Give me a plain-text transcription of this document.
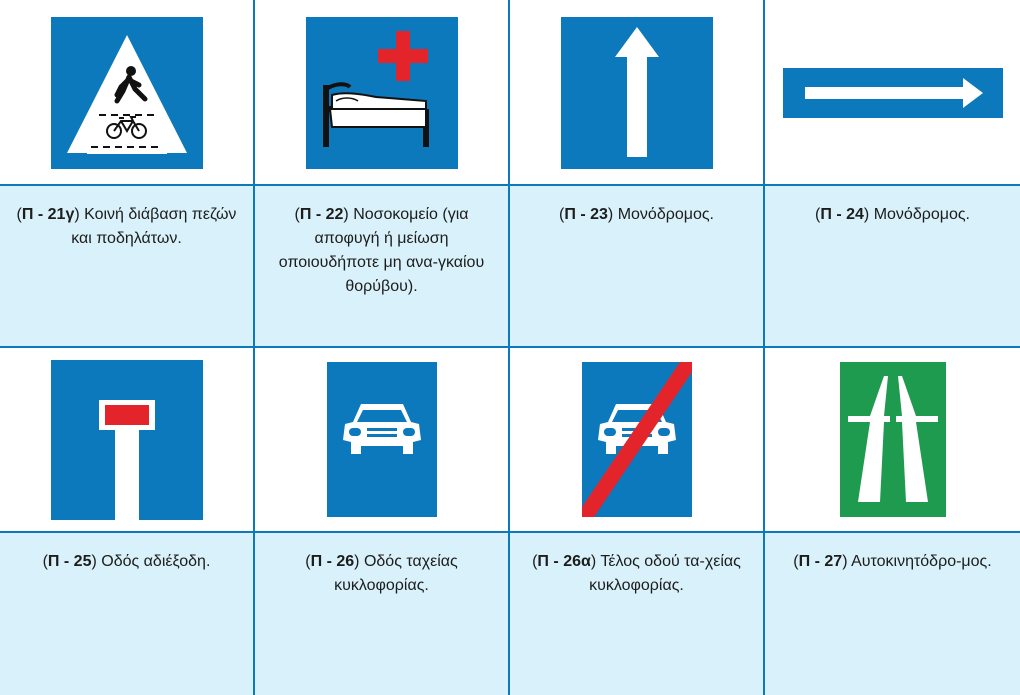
(Π - 21γ) Κοινή διάβαση πεζών και ποδηλάτων.
(Π - 22) Νοσοκομείο (για αποφυγή ή μείωση οποιουδήποτε μη ανα-γκαίου θορύβου).
(Π - 23) Μονόδρομος.	(Π - 24) Μονόδρομος.
(Π - 25) Οδός αδιέξοδη.	(Π - 26) Οδός ταχείας κυκλοφορίας.
(Π - 26α) Τέλος οδού τα-χείας κυκλοφορίας.
(Π - 27) Αυτοκινητόδρο-μος.
